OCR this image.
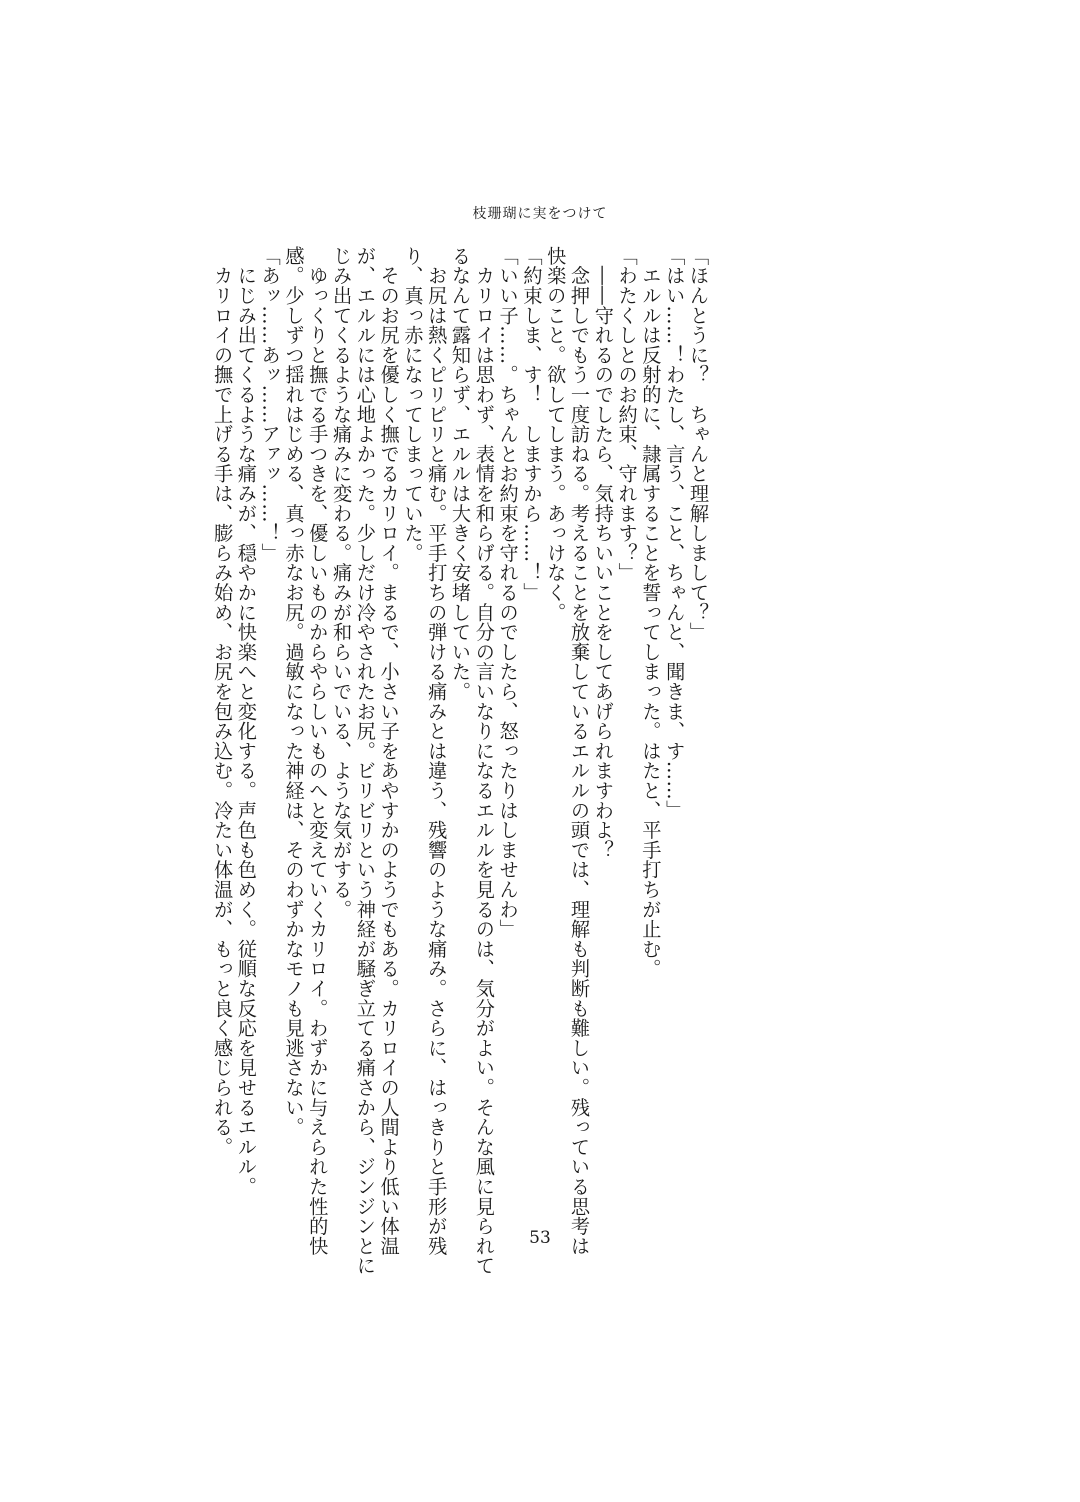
枝珊瑚に実をつけて
「ほんとうに？　ちゃんと理解しまして？」
「はい……！わたし、言う、こと、ちゃんと、聞きま、す……」
　エルルは反射的に、隷属することを誓ってしまった。はたと、平手打ちが止む。
「わたくしとのお約束、守れます？」
　――守れるのでしたら、気持ちいいことをしてあげられますわよ？
　念押しでもう一度訪ねる。考えることを放棄しているエルルの頭では、理解も判断も難しい。残っている思考は
快楽のこと。欲してしまう。あっけなく。
「約束しま、す！　しますから……！」
「いい子……。ちゃんとお約束を守れるのでしたら、怒ったりはしませんわ」
　カリロイは思わず、表情を和らげる。自分の言いなりになるエルルを見るのは、気分がよい。そんな風に見られて
るなんて露知らず、エルルは大きく安堵していた。
　お尻は熱くピリピリと痛む。平手打ちの弾ける痛みとは違う、残響のような痛み。さらに、はっきりと手形が残
り、真っ赤になってしまっていた。
　そのお尻を優しく撫でるカリロイ。まるで、小さい子をあやすかのようでもある。カリロイの人間より低い体温
が、エルルには心地よかった。少しだけ冷やされたお尻。ビリビリという神経が騒ぎ立てる痛さから、ジンジンとに
じみ出てくるような痛みに変わる。痛みが和らいでいる、ような気がする。
　ゆっくりと撫でる手つきを、優しいものからやらしいものへと変えていくカリロイ。わずかに与えられた性的快
感。少しずつ揺れはじめる、真っ赤なお尻。過敏になった神経は、そのわずかなモノも見逃さない。
「あッ……あッ……アァッ……！」
　にじみ出てくるような痛みが、穏やかに快楽へと変化する。声色も色めく。従順な反応を見せるエルル。
　カリロイの撫で上げる手は、膨らみ始め、お尻を包み込む。冷たい体温が、もっと良く感じられる。
53
